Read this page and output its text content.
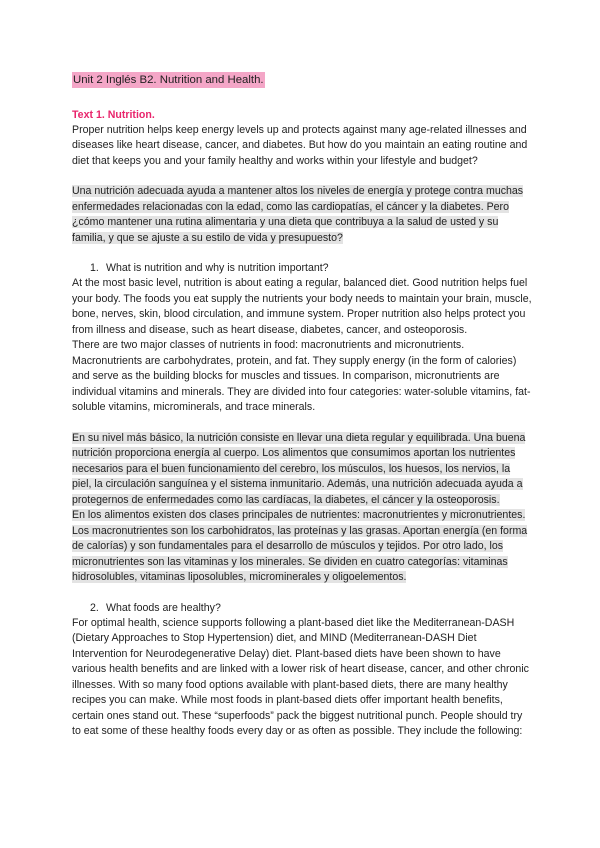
Unit 2 Inglés B2. Nutrition and Health.
Text 1. Nutrition.

Proper nutrition helps keep energy levels up and protects against many age-related illnesses and diseases like heart disease, cancer, and diabetes. But how do you maintain an eating routine and diet that keeps you and your family healthy and works within your lifestyle and budget?

Una nutrición adecuada ayuda a mantener altos los niveles de energía y protege contra muchas enfermedades relacionadas con la edad, como las cardiopatías, el cáncer y la diabetes. Pero ¿cómo mantener una rutina alimentaria y una dieta que contribuya a la salud de usted y su familia, y que se ajuste a su estilo de vida y presupuesto?

1. What is nutrition and why is nutrition important?

At the most basic level, nutrition is about eating a regular, balanced diet. Good nutrition helps fuel your body. The foods you eat supply the nutrients your body needs to maintain your brain, muscle, bone, nerves, skin, blood circulation, and immune system. Proper nutrition also helps protect you from illness and disease, such as heart disease, diabetes, cancer, and osteoporosis.

There are two major classes of nutrients in food: macronutrients and micronutrients. Macronutrients are carbohydrates, protein, and fat. They supply energy (in the form of calories) and serve as the building blocks for muscles and tissues. In comparison, micronutrients are individual vitamins and minerals. They are divided into four categories: water-soluble vitamins, fat-soluble vitamins, microminerals, and trace minerals.

En su nivel más básico, la nutrición consiste en llevar una dieta regular y equilibrada. Una buena nutrición proporciona energía al cuerpo. Los alimentos que consumimos aportan los nutrientes necesarios para el buen funcionamiento del cerebro, los músculos, los huesos, los nervios, la piel, la circulación sanguínea y el sistema inmunitario. Además, una nutrición adecuada ayuda a protegernos de enfermedades como las cardíacas, la diabetes, el cáncer y la osteoporosis.

En los alimentos existen dos clases principales de nutrientes: macronutrientes y micronutrientes. Los macronutrientes son los carbohidratos, las proteínas y las grasas. Aportan energía (en forma de calorías) y son fundamentales para el desarrollo de músculos y tejidos. Por otro lado, los micronutrientes son las vitaminas y los minerales. Se dividen en cuatro categorías: vitaminas hidrosolubles, vitaminas liposolubles, microminerales y oligoelementos.

2. What foods are healthy?

For optimal health, science supports following a plant-based diet like the Mediterranean-DASH (Dietary Approaches to Stop Hypertension) diet, and MIND (Mediterranean-DASH Diet Intervention for Neurodegenerative Delay) diet. Plant-based diets have been shown to have various health benefits and are linked with a lower risk of heart disease, cancer, and other chronic illnesses. With so many food options available with plant-based diets, there are many healthy recipes you can make. While most foods in plant-based diets offer important health benefits, certain ones stand out. These “superfoods” pack the biggest nutritional punch. People should try to eat some of these healthy foods every day or as often as possible. They include the following:
